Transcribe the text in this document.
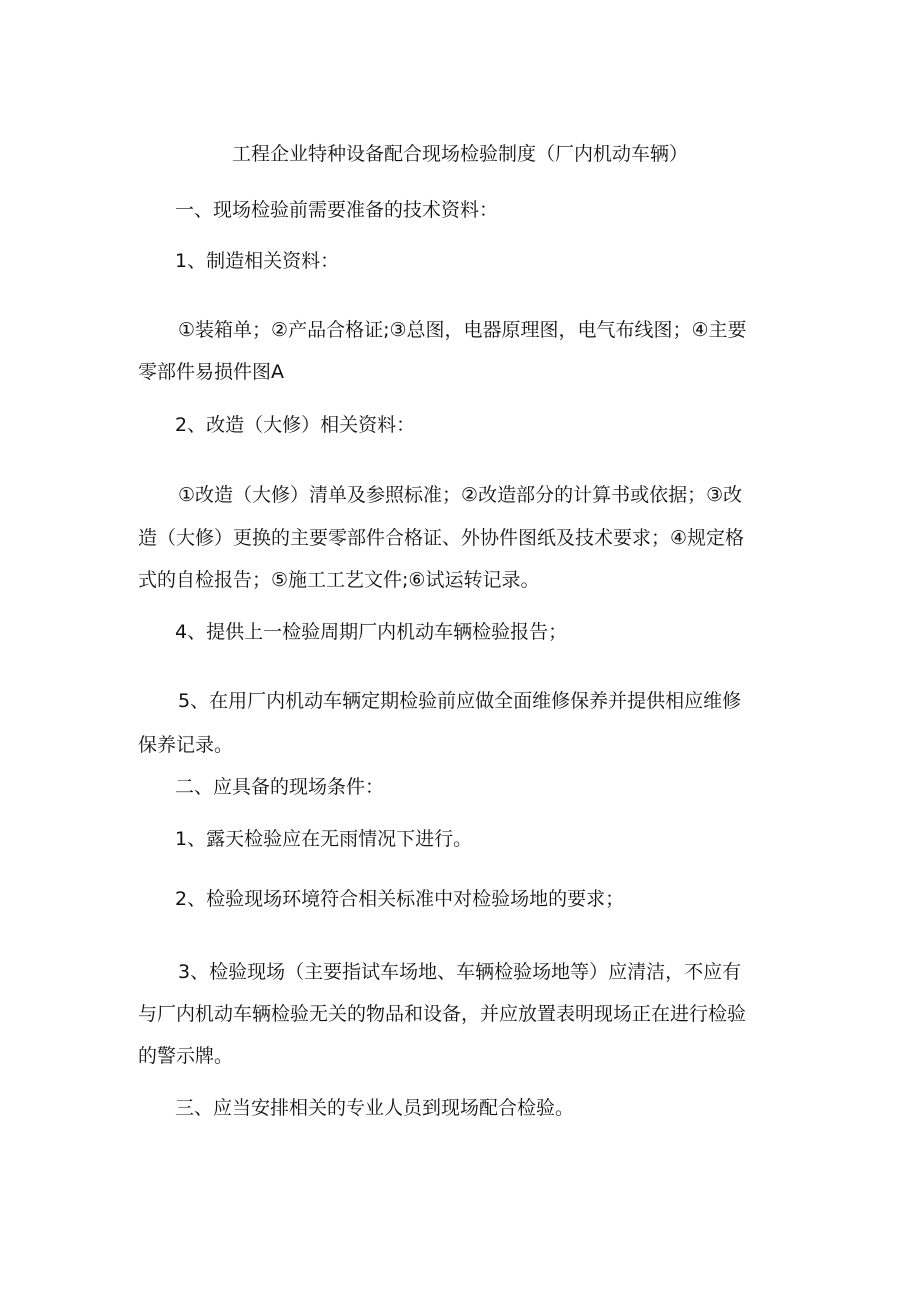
工程企业特种设备配合现场检验制度（厂内机动车辆）
一、现场检验前需要准备的技术资料：
1、制造相关资料：
①装箱单；②产品合格证;③总图，电器原理图，电气布线图；④主要
零部件易损件图A
2、改造（大修）相关资料：
①改造（大修）清单及参照标准；②改造部分的计算书或依据；③改
造（大修）更换的主要零部件合格证、外协件图纸及技术要求；④规定格
式的自检报告；⑤施工工艺文件;⑥试运转记录。
4、提供上一检验周期厂内机动车辆检验报告；
5、在用厂内机动车辆定期检验前应做全面维修保养并提供相应维修
保养记录。
二、应具备的现场条件：
1、露天检验应在无雨情况下进行。
2、检验现场环境符合相关标准中对检验场地的要求；
3、检验现场（主要指试车场地、车辆检验场地等）应清洁，不应有
与厂内机动车辆检验无关的物品和设备，并应放置表明现场正在进行检验
的警示牌。
三、应当安排相关的专业人员到现场配合检验。
